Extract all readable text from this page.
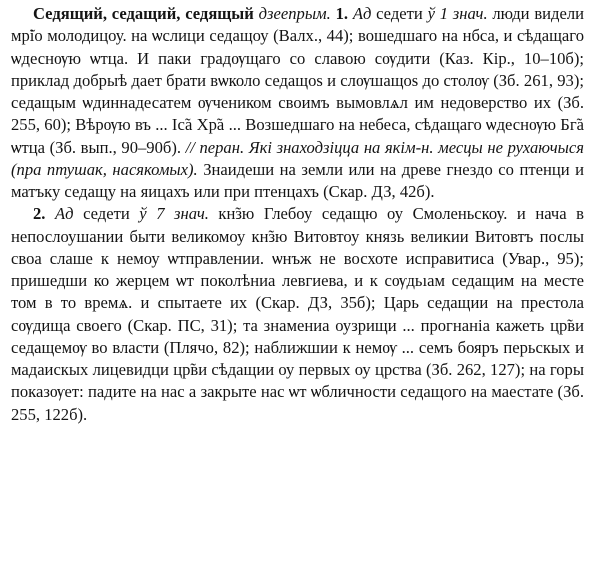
Седящий, седащий, седящый дзеепрым. 1. Ад седети ў 1 знач. люди видели мр̃іо молодицоу. на ѡслици седащоу (Валх., 44); вошедшаго на нбса, и сѣдащаго ѡдеснѹю ѡтца. И паки градѹщаго со славою сѹдити (Каз. Кір., 10–10б); приклад добрыѣ дает брати вѡколо седащоѕ и слѹшащоѕ до столѹ (Зб. 261, 93); седащым ѡдиннадесатем ѹчеником своимъ вымовлѧл им недоверство их (Зб. 255, 60); Вѣрѹю въ ... Іс̃а Хр̃а ... Возшедшаго на небеса, сѣдащаго ѡдеснѹю Бг̃а ѡтца (Зб. вып., 90–90б). // перан. Які знаходзіцца на якім-н. месцы не рухаючыся (пра птушак, насякомых). Знаидеши на земли или на древе гнездо со птенци и матъку седащу на яицахъ или при птенцахъ (Скар. ДЗ, 42б).

2. Ад седети ў 7 знач. кн̃зю Глебоу седащю оу Смоленьскоу. и нача в непослоушании быти великомоу кн̃зю Витовтоу князь великии Витовтъ послы своа слаше к немоу ѡтправлении. ѡнъж не восхоте исправитиса (Увар., 95); пришедши ко жерцем ѡт поколѣниа левгиева, и к сѹдьıам седащим на месте том в то времѧ. и спытаете их (Скар. ДЗ, 35б); Царь седащии на престола сѹдища своего (Скар. ПС, 31); та знамениа оузрищи ... прогнаніа кажеть цр̃ви седащемѹ во власти (Плячо, 82); наближшии к немѹ ... семъ бояръ перьскых и мадаискых лицевидци цр̃ви сѣдащии оу первых оу црства (Зб. 262, 127); на горы показѹет: падите на нас а закрыте нас ѡт ѡбличности седащого на маестате (Зб. 255, 122б).
